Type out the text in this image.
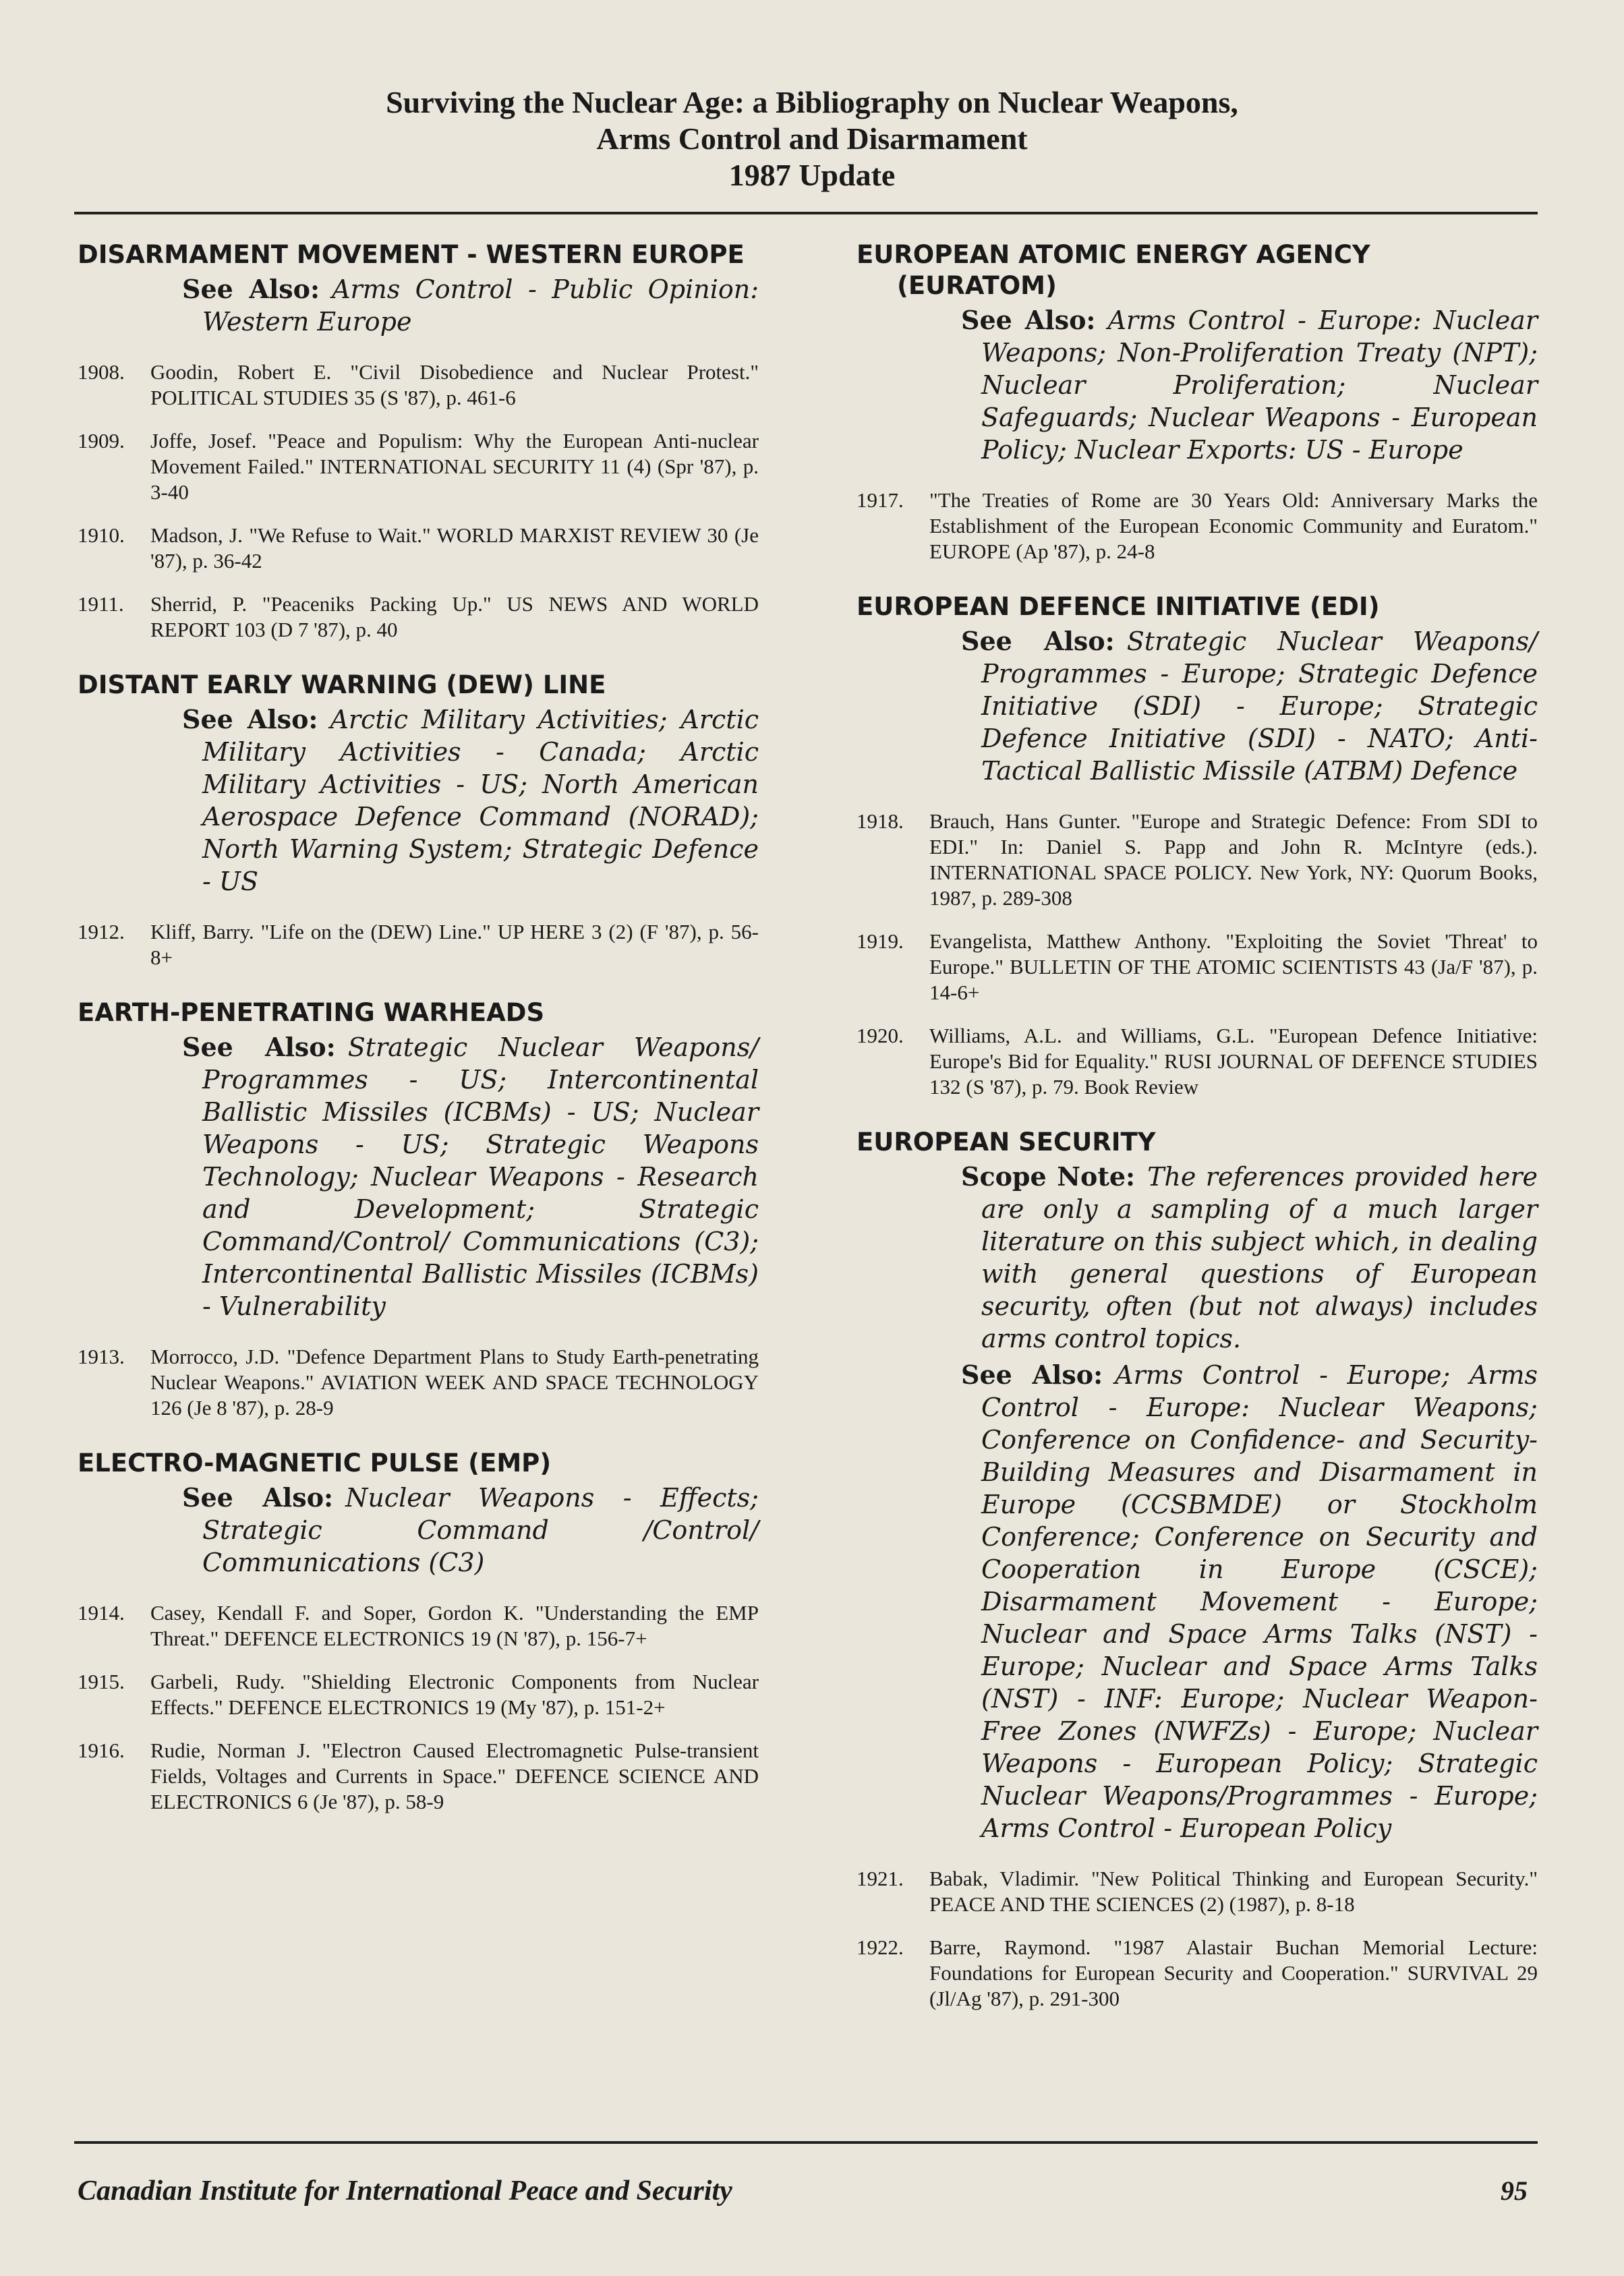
Surviving the Nuclear Age: a Bibliography on Nuclear Weapons,
Arms Control and Disarmament
1987 Update
DISARMAMENT MOVEMENT - WESTERN EUROPE
See Also: Arms Control - Public Opinion: Western Europe
1908.	Goodin, Robert E. "Civil Disobedience and Nuclear Protest." POLITICAL STUDIES 35 (S '87), p. 461-6
1909.	Joffe, Josef. "Peace and Populism: Why the European Anti-nuclear Movement Failed." INTERNATIONAL SECURITY 11 (4) (Spr '87), p. 3-40
1910.	Madson, J. "We Refuse to Wait." WORLD MARXIST REVIEW 30 (Je '87), p. 36-42
1911.	Sherrid, P. "Peaceniks Packing Up." US NEWS AND WORLD REPORT 103 (D 7 '87), p. 40
DISTANT EARLY WARNING (DEW) LINE
See Also: Arctic Military Activities; Arctic Military Activities - Canada; Arctic Military Activities - US; North American Aerospace Defence Command (NORAD); North Warning System; Strategic Defence - US
1912.	Kliff, Barry. "Life on the (DEW) Line." UP HERE 3 (2) (F '87), p. 56-8+
EARTH-PENETRATING WARHEADS
See Also: Strategic Nuclear Weapons/ Programmes - US; Intercontinental Ballistic Missiles (ICBMs) - US; Nuclear Weapons - US; Strategic Weapons Technology; Nuclear Weapons - Research and Development; Strategic Command/Control/ Communications (C3); Intercontinental Ballistic Missiles (ICBMs) - Vulnerability
1913.	Morrocco, J.D. "Defence Department Plans to Study Earth-penetrating Nuclear Weapons." AVIATION WEEK AND SPACE TECHNOLOGY 126 (Je 8 '87), p. 28-9
ELECTRO-MAGNETIC PULSE (EMP)
See Also: Nuclear Weapons - Effects; Strategic Command /Control/ Communications (C3)
1914.	Casey, Kendall F. and Soper, Gordon K. "Understanding the EMP Threat." DEFENCE ELECTRONICS 19 (N '87), p. 156-7+
1915.	Garbeli, Rudy. "Shielding Electronic Components from Nuclear Effects." DEFENCE ELECTRONICS 19 (My '87), p. 151-2+
1916.	Rudie, Norman J. "Electron Caused Electromagnetic Pulse-transient Fields, Voltages and Currents in Space." DEFENCE SCIENCE AND ELECTRONICS 6 (Je '87), p. 58-9
EUROPEAN ATOMIC ENERGY AGENCY (EURATOM)
See Also: Arms Control - Europe: Nuclear Weapons; Non-Proliferation Treaty (NPT); Nuclear Proliferation; Nuclear Safeguards; Nuclear Weapons - European Policy; Nuclear Exports: US - Europe
1917.	"The Treaties of Rome are 30 Years Old: Anniversary Marks the Establishment of the European Economic Community and Euratom." EUROPE (Ap '87), p. 24-8
EUROPEAN DEFENCE INITIATIVE (EDI)
See Also: Strategic Nuclear Weapons/ Programmes - Europe; Strategic Defence Initiative (SDI) - Europe; Strategic Defence Initiative (SDI) - NATO; Anti-Tactical Ballistic Missile (ATBM) Defence
1918.	Brauch, Hans Gunter. "Europe and Strategic Defence: From SDI to EDI." In: Daniel S. Papp and John R. McIntyre (eds.). INTERNATIONAL SPACE POLICY. New York, NY: Quorum Books, 1987, p. 289-308
1919.	Evangelista, Matthew Anthony. "Exploiting the Soviet 'Threat' to Europe." BULLETIN OF THE ATOMIC SCIENTISTS 43 (Ja/F '87), p. 14-6+
1920.	Williams, A.L. and Williams, G.L. "European Defence Initiative: Europe's Bid for Equality." RUSI JOURNAL OF DEFENCE STUDIES 132 (S '87), p. 79. Book Review
EUROPEAN SECURITY
Scope Note: The references provided here are only a sampling of a much larger literature on this subject which, in dealing with general questions of European security, often (but not always) includes arms control topics.
See Also: Arms Control - Europe; Arms Control - Europe: Nuclear Weapons; Conference on Confidence- and Security-Building Measures and Disarmament in Europe (CCSBMDE) or Stockholm Conference; Conference on Security and Cooperation in Europe (CSCE); Disarmament Movement - Europe; Nuclear and Space Arms Talks (NST) - Europe; Nuclear and Space Arms Talks (NST) - INF: Europe; Nuclear Weapon-Free Zones (NWFZs) - Europe; Nuclear Weapons - European Policy; Strategic Nuclear Weapons/Programmes - Europe; Arms Control - European Policy
1921.	Babak, Vladimir. "New Political Thinking and European Security." PEACE AND THE SCIENCES (2) (1987), p. 8-18
1922.	Barre, Raymond. "1987 Alastair Buchan Memorial Lecture: Foundations for European Security and Cooperation." SURVIVAL 29 (Jl/Ag '87), p. 291-300
Canadian Institute for International Peace and Security	95
